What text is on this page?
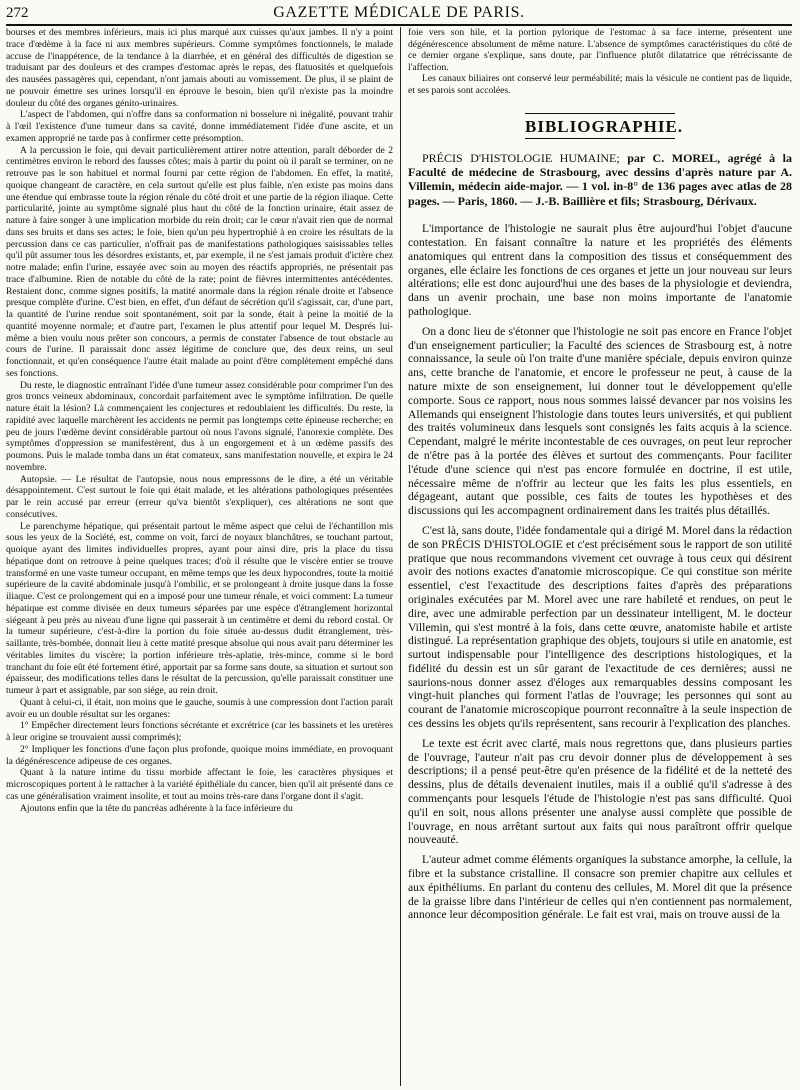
272	GAZETTE MÉDICALE DE PARIS.

bourses et des membres inférieurs, mais ici plus marqué aux cuisses qu'aux jambes. Il n'y a point trace d'œdème à la face ni aux membres supérieurs. Comme symptômes fonctionnels, le malade accuse de l'inappétence, de la tendance à la diarrhée, et en général des difficultés de digestion se traduisant par des douleurs et des crampes d'estomac après le repas, des flatuosités et quelquefois des nausées passagères qui, cependant, n'ont jamais abouti au vomissement. De plus, il se plaint de ne pouvoir émettre ses urines lorsqu'il en éprouve le besoin, bien qu'il n'existe pas la moindre douleur du côté des organes génito-urinaires.

L'aspect de l'abdomen, qui n'offre dans sa conformation ni bosselure ni inégalité, pouvant trahir à l'œil l'existence d'une tumeur dans sa cavité, donne immédiatement l'idée d'une ascite, et un examen approprié ne tarde pas à confirmer cette présomption.

A la percussion le foie, qui devait particulièrement attirer notre attention, paraît déborder de 2 centimètres environ le rebord des fausses côtes; mais à partir du point où il paraît se terminer, on ne retrouve pas le son habituel et normal fourni par cette région de l'abdomen. En effet, la matité, quoique changeant de caractère, en cela surtout qu'elle est plus faible, n'en existe pas moins dans une étendue qui embrasse toute la région rénale du côté droit et une partie de la région iliaque. Cette particularité, jointe au symptôme signalé plus haut du côté de la fonction urinaire, était assez de nature à faire songer à une implication morbide du rein droit; car le cœur n'avait rien que de normal dans ses bruits et dans ses actes; le foie, bien qu'un peu hypertrophié à en croire les résultats de la percussion dans ce cas particulier, n'offrait pas de manifestations pathologiques saisissables telles qu'il pût assumer tous les désordres existants, et, par exemple, il ne s'est jamais produit d'ictère chez notre malade; enfin l'urine, essayée avec soin au moyen des réactifs appropriés, ne présentait pas trace d'albumine. Rien de notable du côté de la rate; point de fièvres intermittentes antécédentes. Restaient donc, comme signes positifs, la matité anormale dans la région rénale droite et l'absence presque complète d'urine. C'est bien, en effet, d'un défaut de sécrétion qu'il s'agissait, car, d'une part, la quantité de l'urine rendue soit spontanément, soit par la sonde, était à peine la moitié de la quantité moyenne normale; et d'autre part, l'examen le plus attentif pour lequel M. Després lui-même a bien voulu nous prêter son concours, a permis de constater l'absence de tout obstacle au cours de l'urine. Il paraissait donc assez légitime de conclure que, des deux reins, un seul fonctionnait, et qu'en conséquence l'autre était malade au point d'être complètement empêché dans ses fonctions.

Du reste, le diagnostic entraînant l'idée d'une tumeur assez considérable pour comprimer l'un des gros troncs veineux abdominaux, concordait parfaitement avec le symptôme infiltration. De quelle nature était la lésion? Là commençaient les conjectures et redoublaient les difficultés. Du reste, la rapidité avec laquelle marchèrent les accidents ne permit pas longtemps cette épineuse recherche; en peu de jours l'œdème devint considérable partout où nous l'avons signalé, l'anorexie complète. Des symptômes d'oppression se manifestèrent, dus à un engorgement et à un œdème passifs des poumons. Puis le malade tomba dans un état comateux, sans manifestation nouvelle, et expira le 24 novembre.

Autopsie. — Le résultat de l'autopsie, nous nous empressons de le dire, a été un véritable désappointement. C'est surtout le foie qui était malade, et les altérations pathologiques présentées par le rein accusé par erreur (erreur qu'va bientôt s'expliquer), ces altérations ne sont que consécutives.

Le parenchyme hépatique, qui présentait partout le même aspect que celui de l'échantillon mis sous les yeux de la Société, est, comme on voit, farci de noyaux blanchâtres, se touchant partout, quoique ayant des limites individuelles propres, ayant pour ainsi dire, pris la place du tissu hépatique dont on retrouve à peine quelques traces; d'où il résulte que le viscère entier se trouve transformé en une vaste tumeur occupant, en même temps que les deux hypocondres, toute la moitié supérieure de la cavité abdominale jusqu'à l'ombilic, et se prolongeant à droite jusque dans la fosse iliaque. C'est ce prolongement qui en a imposé pour une tumeur rénale, et voici comment: La tumeur hépatique est comme divisée en deux tumeurs séparées par une espèce d'étranglement horizontal siégeant à peu près au niveau d'une ligne qui passerait à un centimètre et demi du rebord costal. Or la tumeur supérieure, c'est-à-dire la portion du foie située au-dessus dudit étranglement, très-saillante, très-bombée, donnait lieu à cette matité presque absolue qui nous avait paru déterminer les véritables limites du viscère; la portion inférieure très-aplatie, très-mince, comme si le bord tranchant du foie eût été fortement étiré, apportait par sa forme sans doute, sa situation et surtout son épaisseur, des modifications telles dans le résultat de la percussion, qu'elle paraissait constituer une tumeur à part et assignable, par son siége, au rein droit.

Quant à celui-ci, il était, non moins que le gauche, soumis à une compression dont l'action paraît avoir eu un double résultat sur les organes:

1° Empêcher directement leurs fonctions sécrétante et excrétrice (car les bassinets et les uretères à leur origine se trouvaient aussi comprimés);

2° Impliquer les fonctions d'une façon plus profonde, quoique moins immédiate, en provoquant la dégénérescence adipeuse de ces organes.

Quant à la nature intime du tissu morbide affectant le foie, les caractères physiques et microscopiques portent à le rattacher à la variété épithéliale du cancer, bien qu'il ait présenté dans ce cas une généralisation vraiment insolite, et tout au moins très-rare dans l'organe dont il s'agit.

Ajoutons enfin que la tête du pancréas adhérente à la face inférieure du

foie vers son hile, et la portion pylorique de l'estomac à sa face interne, présentent une dégénérescence absolument de même nature. L'absence de symptômes caractéristiques du côté de ce dernier organe s'explique, sans doute, par l'influence plutôt dilatatrice que rétrécissante de l'affection.

Les canaux biliaires ont conservé leur perméabilité; mais la vésicule ne contient pas de liquide, et ses parois sont accolées.

BIBLIOGRAPHIE.

PRÉCIS D'HISTOLOGIE HUMAINE; par C. MOREL, agrégé à la Faculté de médecine de Strasbourg, avec dessins d'après nature par A. Villemin, médecin aide-major. — 1 vol. in-8° de 136 pages avec atlas de 28 pages. — Paris, 1860. — J.-B. Baillière et fils; Strasbourg, Dérivaux.

L'importance de l'histologie ne saurait plus être aujourd'hui l'objet d'aucune contestation. En faisant connaître la nature et les propriétés des éléments anatomiques qui entrent dans la composition des tissus et conséquemment des organes, elle éclaire les fonctions de ces organes et jette un jour nouveau sur leurs altérations; elle est donc aujourd'hui une des bases de la physiologie et deviendra, dans un avenir prochain, une base non moins importante de l'anatomie pathologique.

On a donc lieu de s'étonner que l'histologie ne soit pas encore en France l'objet d'un enseignement particulier; la Faculté des sciences de Strasbourg est, à notre connaissance, la seule où l'on traite d'une manière spéciale, depuis environ quinze ans, cette branche de l'anatomie, et encore le professeur ne peut, à cause de la nature mixte de son enseignement, lui donner tout le développement qu'elle comporte. Sous ce rapport, nous nous sommes laissé devancer par nos voisins les Allemands qui enseignent l'histologie dans toutes leurs universités, et qui publient des traités volumineux dans lesquels sont consignés les faits acquis à la science. Cependant, malgré le mérite incontestable de ces ouvrages, on peut leur reprocher de n'être pas à la portée des élèves et surtout des commençants. Pour faciliter l'étude d'une science qui n'est pas encore formulée en doctrine, il est utile, nécessaire même de n'offrir au lecteur que les faits les plus essentiels, en dégageant, autant que possible, ces faits de toutes les hypothèses et des discussions qui les accompagnent ordinairement dans les traités plus détaillés.

C'est là, sans doute, l'idée fondamentale qui a dirigé M. Morel dans la rédaction de son PRÉCIS D'HISTOLOGIE et c'est précisément sous le rapport de son utilité pratique que nous recommandons vivement cet ouvrage à tous ceux qui désirent avoir des notions exactes d'anatomie microscopique. Ce qui constitue son mérite essentiel, c'est l'exactitude des descriptions faites d'après des préparations originales exécutées par M. Morel avec une rare habileté et rendues, on peut le dire, avec une admirable perfection par un dessinateur intelligent, M. le docteur Villemin, qui s'est montré à la fois, dans cette œuvre, anatomiste habile et artiste distingué. La représentation graphique des objets, toujours si utile en anatomie, est surtout indispensable pour l'intelligence des descriptions histologiques, et la fidélité du dessin est un sûr garant de l'exactitude de ces dernières; aussi ne saurions-nous donner assez d'éloges aux remarquables dessins composant les vingt-huit planches qui forment l'atlas de l'ouvrage; les personnes qui sont au courant de l'anatomie microscopique pourront reconnaître à la seule inspection de ces dessins les objets qu'ils représentent, sans recourir à l'explication des planches.

Le texte est écrit avec clarté, mais nous regrettons que, dans plusieurs parties de l'ouvrage, l'auteur n'ait pas cru devoir donner plus de développement à ses descriptions; il a pensé peut-être qu'en présence de la fidélité et de la netteté des dessins, plus de détails devenaient inutiles, mais il a oublié qu'il s'adresse à des commençants pour lesquels l'étude de l'histologie n'est pas sans difficulté. Quoi qu'il en soit, nous allons présenter une analyse aussi complète que possible de l'ouvrage, en nous arrêtant surtout aux faits qui nous paraîtront offrir quelque nouveauté.

L'auteur admet comme éléments organiques la substance amorphe, la cellule, la fibre et la substance cristalline. Il consacre son premier chapitre aux cellules et aux épithéliums. En parlant du contenu des cellules, M. Morel dit que la présence de la graisse libre dans l'intérieur de celles qui n'en contiennent pas normalement, annonce leur décomposition générale. Le fait est vrai, mais on trouve aussi de la
